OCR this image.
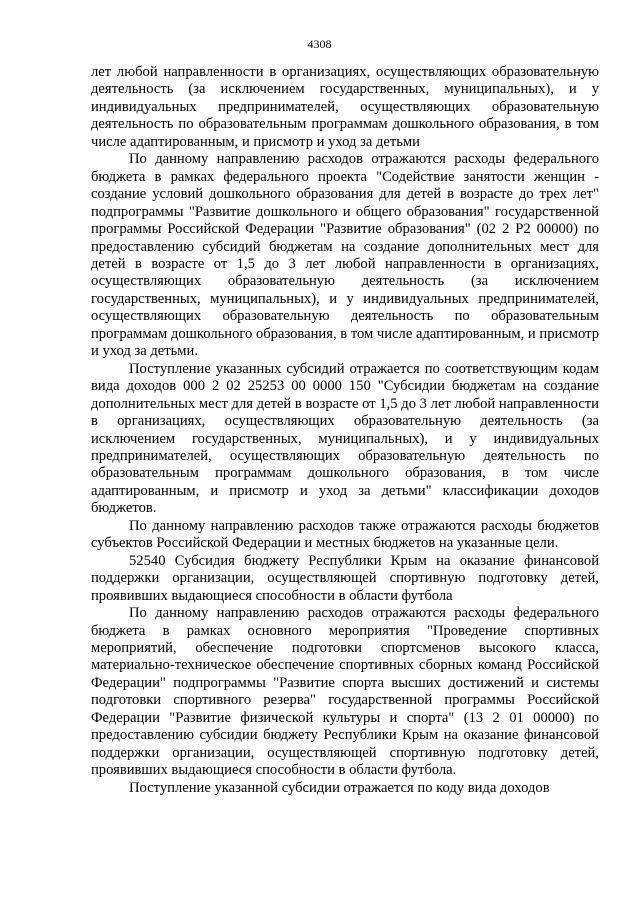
4308

лет любой направленности в организациях, осуществляющих образовательную деятельность (за исключением государственных, муниципальных), и у индивидуальных предпринимателей, осуществляющих образовательную деятельность по образовательным программам дошкольного образования, в том числе адаптированным, и присмотр и уход за детьми

По данному направлению расходов отражаются расходы федерального бюджета в рамках федерального проекта "Содействие занятости женщин - создание условий дошкольного образования для детей в возрасте до трех лет" подпрограммы "Развитие дошкольного и общего образования" государственной программы Российской Федерации "Развитие образования" (02 2 P2 00000) по предоставлению субсидий бюджетам на создание дополнительных мест для детей в возрасте от 1,5 до 3 лет любой направленности в организациях, осуществляющих образовательную деятельность (за исключением государственных, муниципальных), и у индивидуальных предпринимателей, осуществляющих образовательную деятельность по образовательным программам дошкольного образования, в том числе адаптированным, и присмотр и уход за детьми.

Поступление указанных субсидий отражается по соответствующим кодам вида доходов 000 2 02 25253 00 0000 150 "Субсидии бюджетам на создание дополнительных мест для детей в возрасте от 1,5 до 3 лет любой направленности в организациях, осуществляющих образовательную деятельность (за исключением государственных, муниципальных), и у индивидуальных предпринимателей, осуществляющих образовательную деятельность по образовательным программам дошкольного образования, в том числе адаптированным, и присмотр и уход за детьми" классификации доходов бюджетов.

По данному направлению расходов также отражаются расходы бюджетов субъектов Российской Федерации и местных бюджетов на указанные цели.

52540 Субсидия бюджету Республики Крым на оказание финансовой поддержки организации, осуществляющей спортивную подготовку детей, проявивших выдающиеся способности в области футбола

По данному направлению расходов отражаются расходы федерального бюджета в рамках основного мероприятия "Проведение спортивных мероприятий, обеспечение подготовки спортсменов высокого класса, материально-техническое обеспечение спортивных сборных команд Российской Федерации" подпрограммы "Развитие спорта высших достижений и системы подготовки спортивного резерва" государственной программы Российской Федерации "Развитие физической культуры и спорта" (13 2 01 00000) по предоставлению субсидии бюджету Республики Крым на оказание финансовой поддержки организации, осуществляющей спортивную подготовку детей, проявивших выдающиеся способности в области футбола.

Поступление указанной субсидии отражается по коду вида доходов
